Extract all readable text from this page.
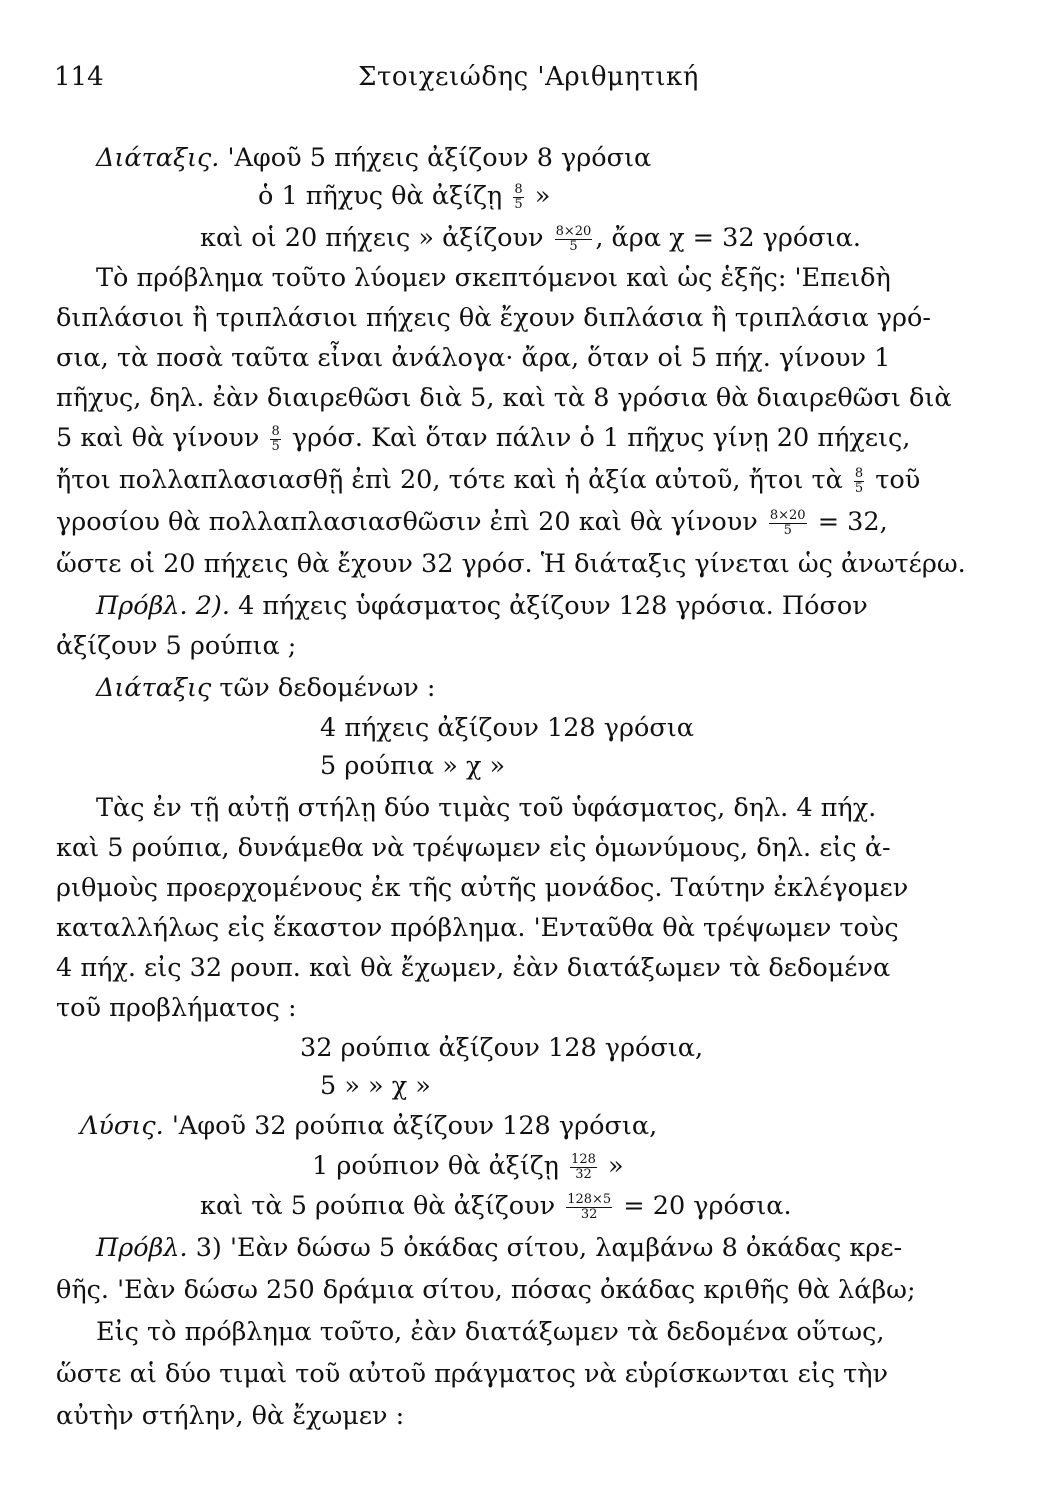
114	Στοιχειώδης 'Αριθμητική
Διάταξις. 'Αφοῦ 5 πήχεις ἀξίζουν 8 γρόσια
ὁ 1 πῆχυς θὰ ἀξίζῃ $\frac{8}{5}$ »
καὶ οἱ 20 πήχεις » ἀξίζουν $\frac{8\times 20}{5}$ , ἄρα χ = 32 γρόσια.
Τὸ πρόβλημα τοῦτο λύομεν σκεπτόμενοι καὶ ὡς ἑξῆς: 'Επειδὴ
διπλάσιοι ἢ τριπλάσιοι πήχεις θὰ ἔχουν διπλάσια ἢ τριπλάσια γρό-
σια, τὰ ποσὰ ταῦτα εἶναι ἀνάλογα· ἄρα, ὅταν οἱ 5 πήχ. γίνουν 1
πῆχυς, δηλ. ἐὰν διαιρεθῶσι διὰ 5, καὶ τὰ 8 γρόσια θὰ διαιρεθῶσι διὰ
5 καὶ θὰ γίνουν $\frac{8}{5} \gamma\rho ό\sigma$. Καὶ ὅταν πάλιν ὁ 1 πῆχυς γίνῃ 20 πήχεις,
ἤτοι πολλαπλασιασθῇ ἐπὶ 20, τότε καὶ ἡ ἀξία αὐτοῦ, ἤτοι τὰ $\frac{8}{5}$ τοῦ
γροσίου θὰ πολλαπλασιασθῶσιν ἐπὶ 20 καὶ θὰ γίνουν $\frac{8\times 20}{5} = 32$,
ὥστε οἱ 20 πήχεις θὰ ἔχουν 32 γρόσ. Ἡ διάταξις γίνεται ὡς ἀνωτέρω.
Πρόβλ. 2). 4 πήχεις ὑφάσματος ἀξίζουν 128 γρόσια. Πόσον
ἀξίζουν 5 ρούπια ;
Διάταξις τῶν δεδομένων :
4 πήχεις ἀξίζουν 128 γρόσια
5 ρούπια » χ »
Τὰς ἐν τῇ αὐτῇ στήλῃ δύο τιμὰς τοῦ ὑφάσματος, δηλ. 4 πήχ.
καὶ 5 ρούπια, δυνάμεθα νὰ τρέψωμεν εἰς ὁμωνύμους, δηλ. εἰς ἀ-
ριθμοὺς προερχομένους ἐκ τῆς αὐτῆς μονάδος. Ταύτην ἐκλέγομεν
καταλλήλως εἰς ἕκαστον πρόβλημα. 'Ενταῦθα θὰ τρέψωμεν τοὺς
4 πήχ. εἰς 32 ρουπ. καὶ θὰ ἔχωμεν, ἐὰν διατάξωμεν τὰ δεδομένα
τοῦ προβλήματος :
32 ρούπια ἀξίζουν 128 γρόσια,
5 » » χ »
Λύσις. 'Αφοῦ 32 ρούπια ἀξίζουν 128 γρόσια,
1 ρούπιον θὰ ἀξίζῃ $\frac{128}{32}$ »
καὶ τὰ 5 ρούπια θὰ ἀξίζουν $\frac{128\times 5}{32} = 20$ γρόσια.
Πρόβλ. 3) 'Εὰν δώσω 5 ὀκάδας σίτου, λαμβάνω 8 ὀκάδας κρε-
θῆς. 'Εὰν δώσω 250 δράμια σίτου, πόσας ὀκάδας κριθῆς θὰ λάβω;
Εἰς τὸ πρόβλημα τοῦτο, ἐὰν διατάξωμεν τὰ δεδομένα οὕτως,
ὥστε αἱ δύο τιμαὶ τοῦ αὐτοῦ πράγματος νὰ εὑρίσκωνται εἰς τὴν
αὐτὴν στήλην, θὰ ἔχωμεν :
